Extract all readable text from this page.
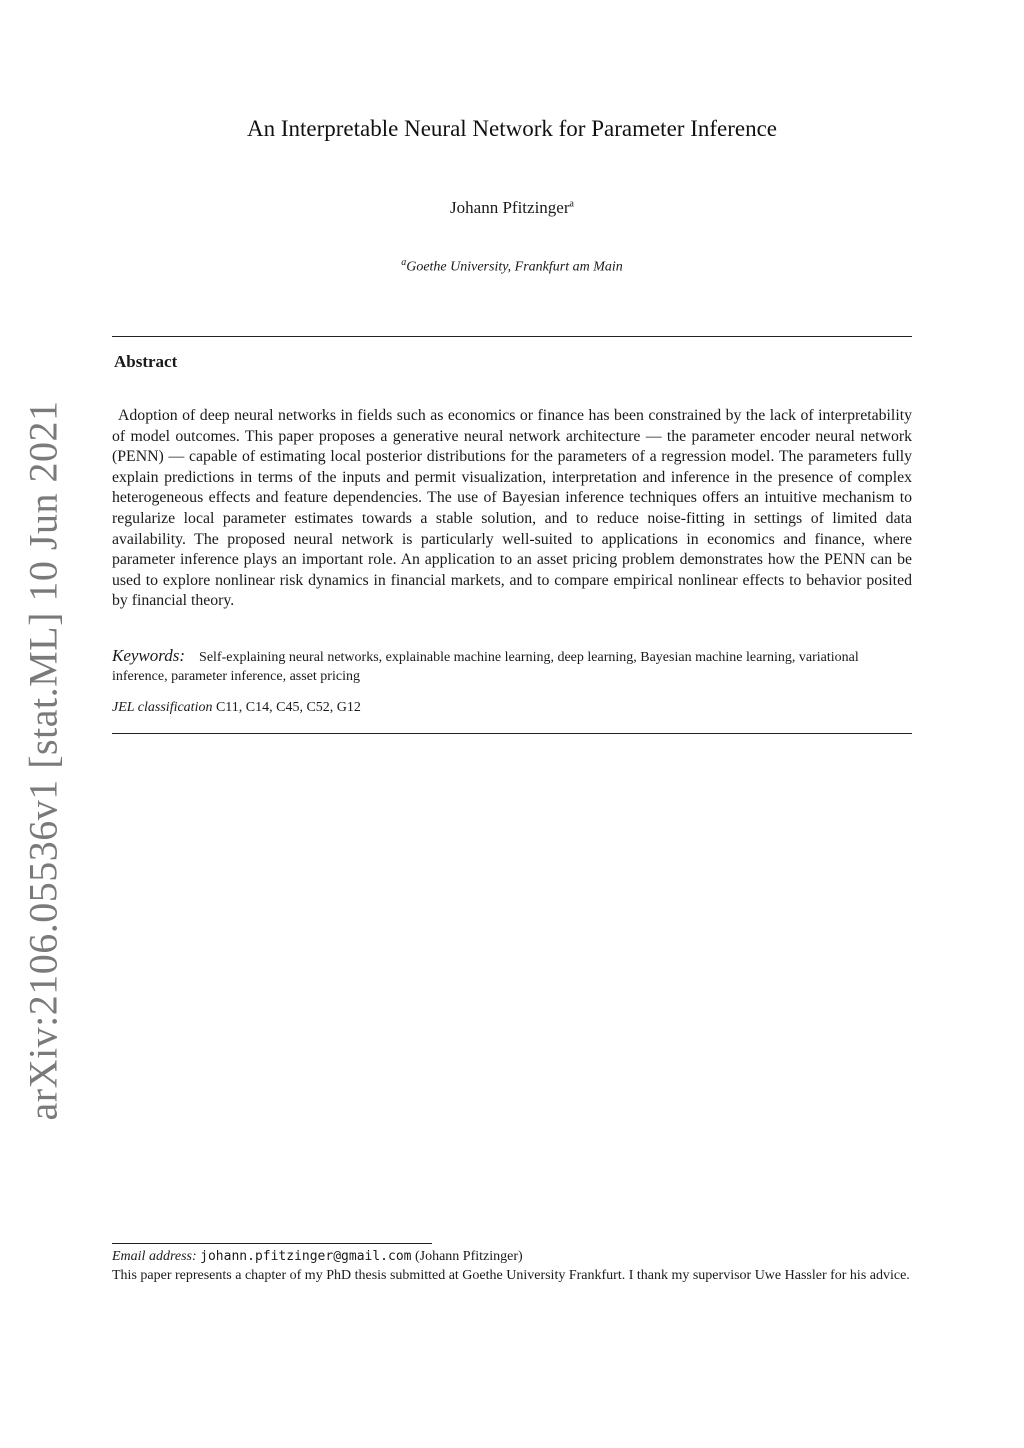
arXiv:2106.05536v1 [stat.ML] 10 Jun 2021
An Interpretable Neural Network for Parameter Inference
Johann Pfitzinger$^a$
$^a$Goethe University, Frankfurt am Main
Abstract
Adoption of deep neural networks in fields such as economics or finance has been constrained by the lack of interpretability of model outcomes. This paper proposes a generative neural network architecture — the parameter encoder neural network (PENN) — capable of estimating local posterior distributions for the parameters of a regression model. The parameters fully explain predictions in terms of the inputs and permit visualization, interpretation and inference in the presence of complex heterogeneous effects and feature dependencies. The use of Bayesian inference techniques offers an intuitive mechanism to regularize local parameter estimates towards a stable solution, and to reduce noise-fitting in settings of limited data availability. The proposed neural network is particularly well-suited to applications in economics and finance, where parameter inference plays an important role. An application to an asset pricing problem demonstrates how the PENN can be used to explore nonlinear risk dynamics in financial markets, and to compare empirical nonlinear effects to behavior posited by financial theory.
Keywords: Self-explaining neural networks, explainable machine learning, deep learning, Bayesian machine learning, variational inference, parameter inference, asset pricing
JEL classification C11, C14, C45, C52, G12
Email address: johann.pfitzinger@gmail.com (Johann Pfitzinger)
This paper represents a chapter of my PhD thesis submitted at Goethe University Frankfurt. I thank my supervisor Uwe Hassler for his advice.
